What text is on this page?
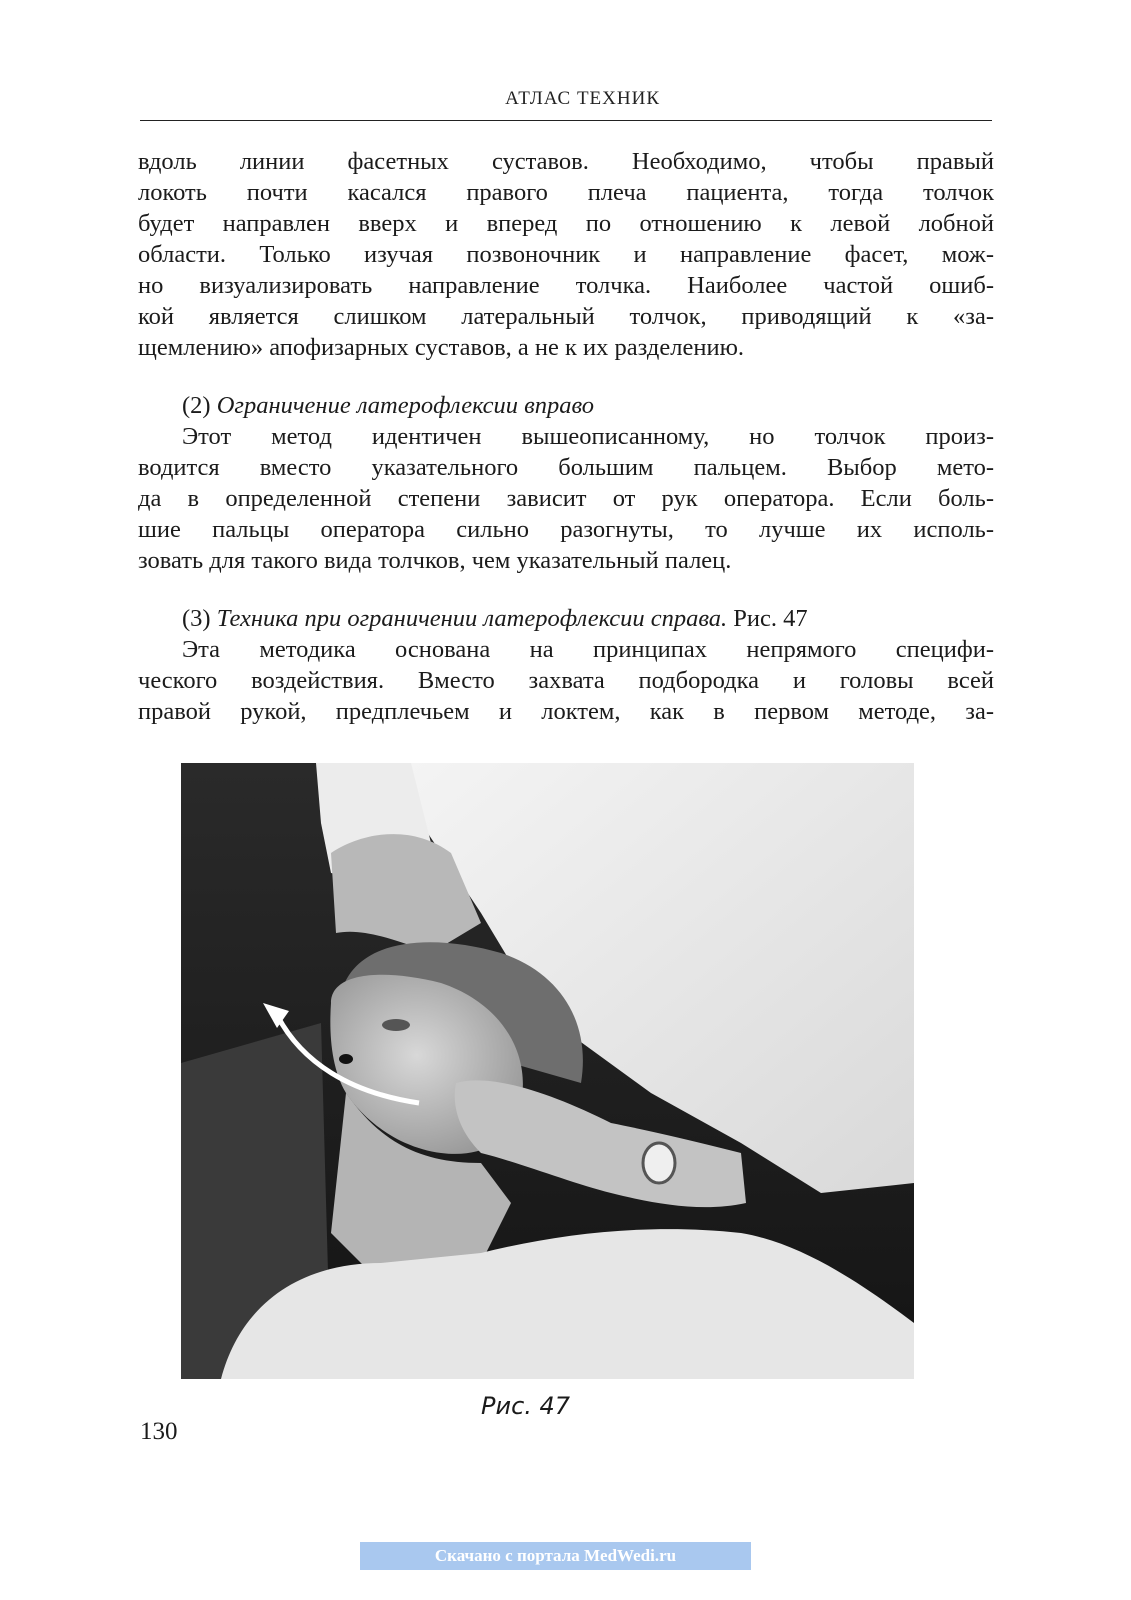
АТЛАС ТЕХНИК
вдоль линии фасетных суставов. Необходимо, чтобы правый
локоть почти касался правого плеча пациента, тогда толчок
будет направлен вверх и вперед по отношению к левой лобной
области. Только изучая позвоночник и направление фасет, мож-
но визуализировать направление толчка. Наиболее частой ошиб-
кой является слишком латеральный толчок, приводящий к «за-
щемлению» апофизарных суставов, а не к их разделению.
(2) Ограничение латерофлексии вправо
Этот метод идентичен вышеописанному, но толчок произ-
водится вместо указательного большим пальцем. Выбор мето-
да в определенной степени зависит от рук оператора. Если боль-
шие пальцы оператора сильно разогнуты, то лучше их исполь-
зовать для такого вида толчков, чем указательный палец.
(3) Техника при ограничении латерофлексии справа. Рис. 47
Эта методика основана на принципах непрямого специфи-
ческого воздействия. Вместо захвата подбородка и головы всей
правой рукой, предплечьем и локтем, как в первом методе, за-
Рис. 47
130
Скачано с портала MedWedi.ru
